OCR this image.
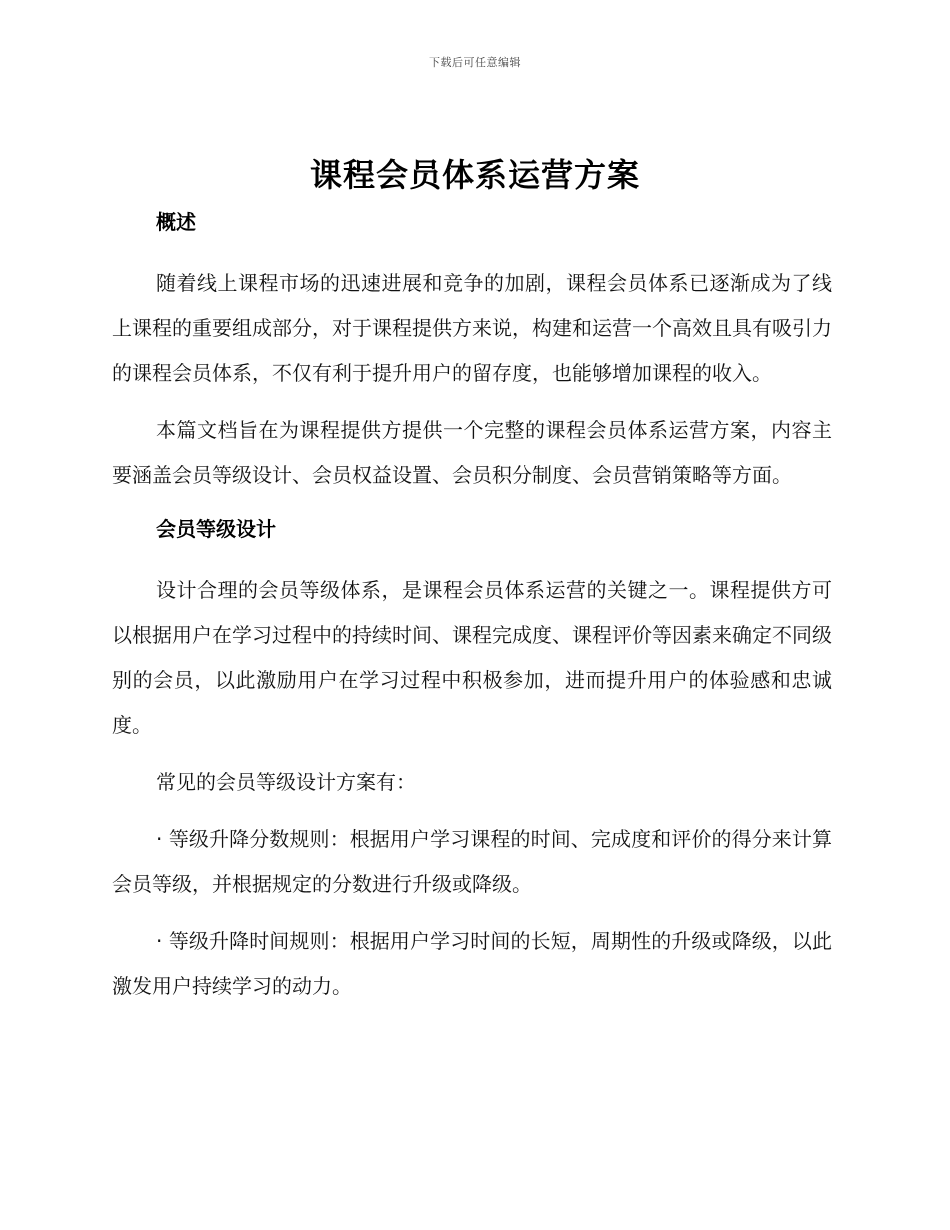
下载后可任意编辑
课程会员体系运营方案
概述

随着线上课程市场的迅速进展和竞争的加剧，课程会员体系已逐渐成为了线上课程的重要组成部分，对于课程提供方来说，构建和运营一个高效且具有吸引力的课程会员体系，不仅有利于提升用户的留存度，也能够增加课程的收入。

本篇文档旨在为课程提供方提供一个完整的课程会员体系运营方案，内容主要涵盖会员等级设计、会员权益设置、会员积分制度、会员营销策略等方面。

会员等级设计

设计合理的会员等级体系，是课程会员体系运营的关键之一。课程提供方可以根据用户在学习过程中的持续时间、课程完成度、课程评价等因素来确定不同级别的会员，以此激励用户在学习过程中积极参加，进而提升用户的体验感和忠诚度。

常见的会员等级设计方案有：

· 等级升降分数规则：根据用户学习课程的时间、完成度和评价的得分来计算会员等级，并根据规定的分数进行升级或降级。

· 等级升降时间规则：根据用户学习时间的长短，周期性的升级或降级，以此激发用户持续学习的动力。
